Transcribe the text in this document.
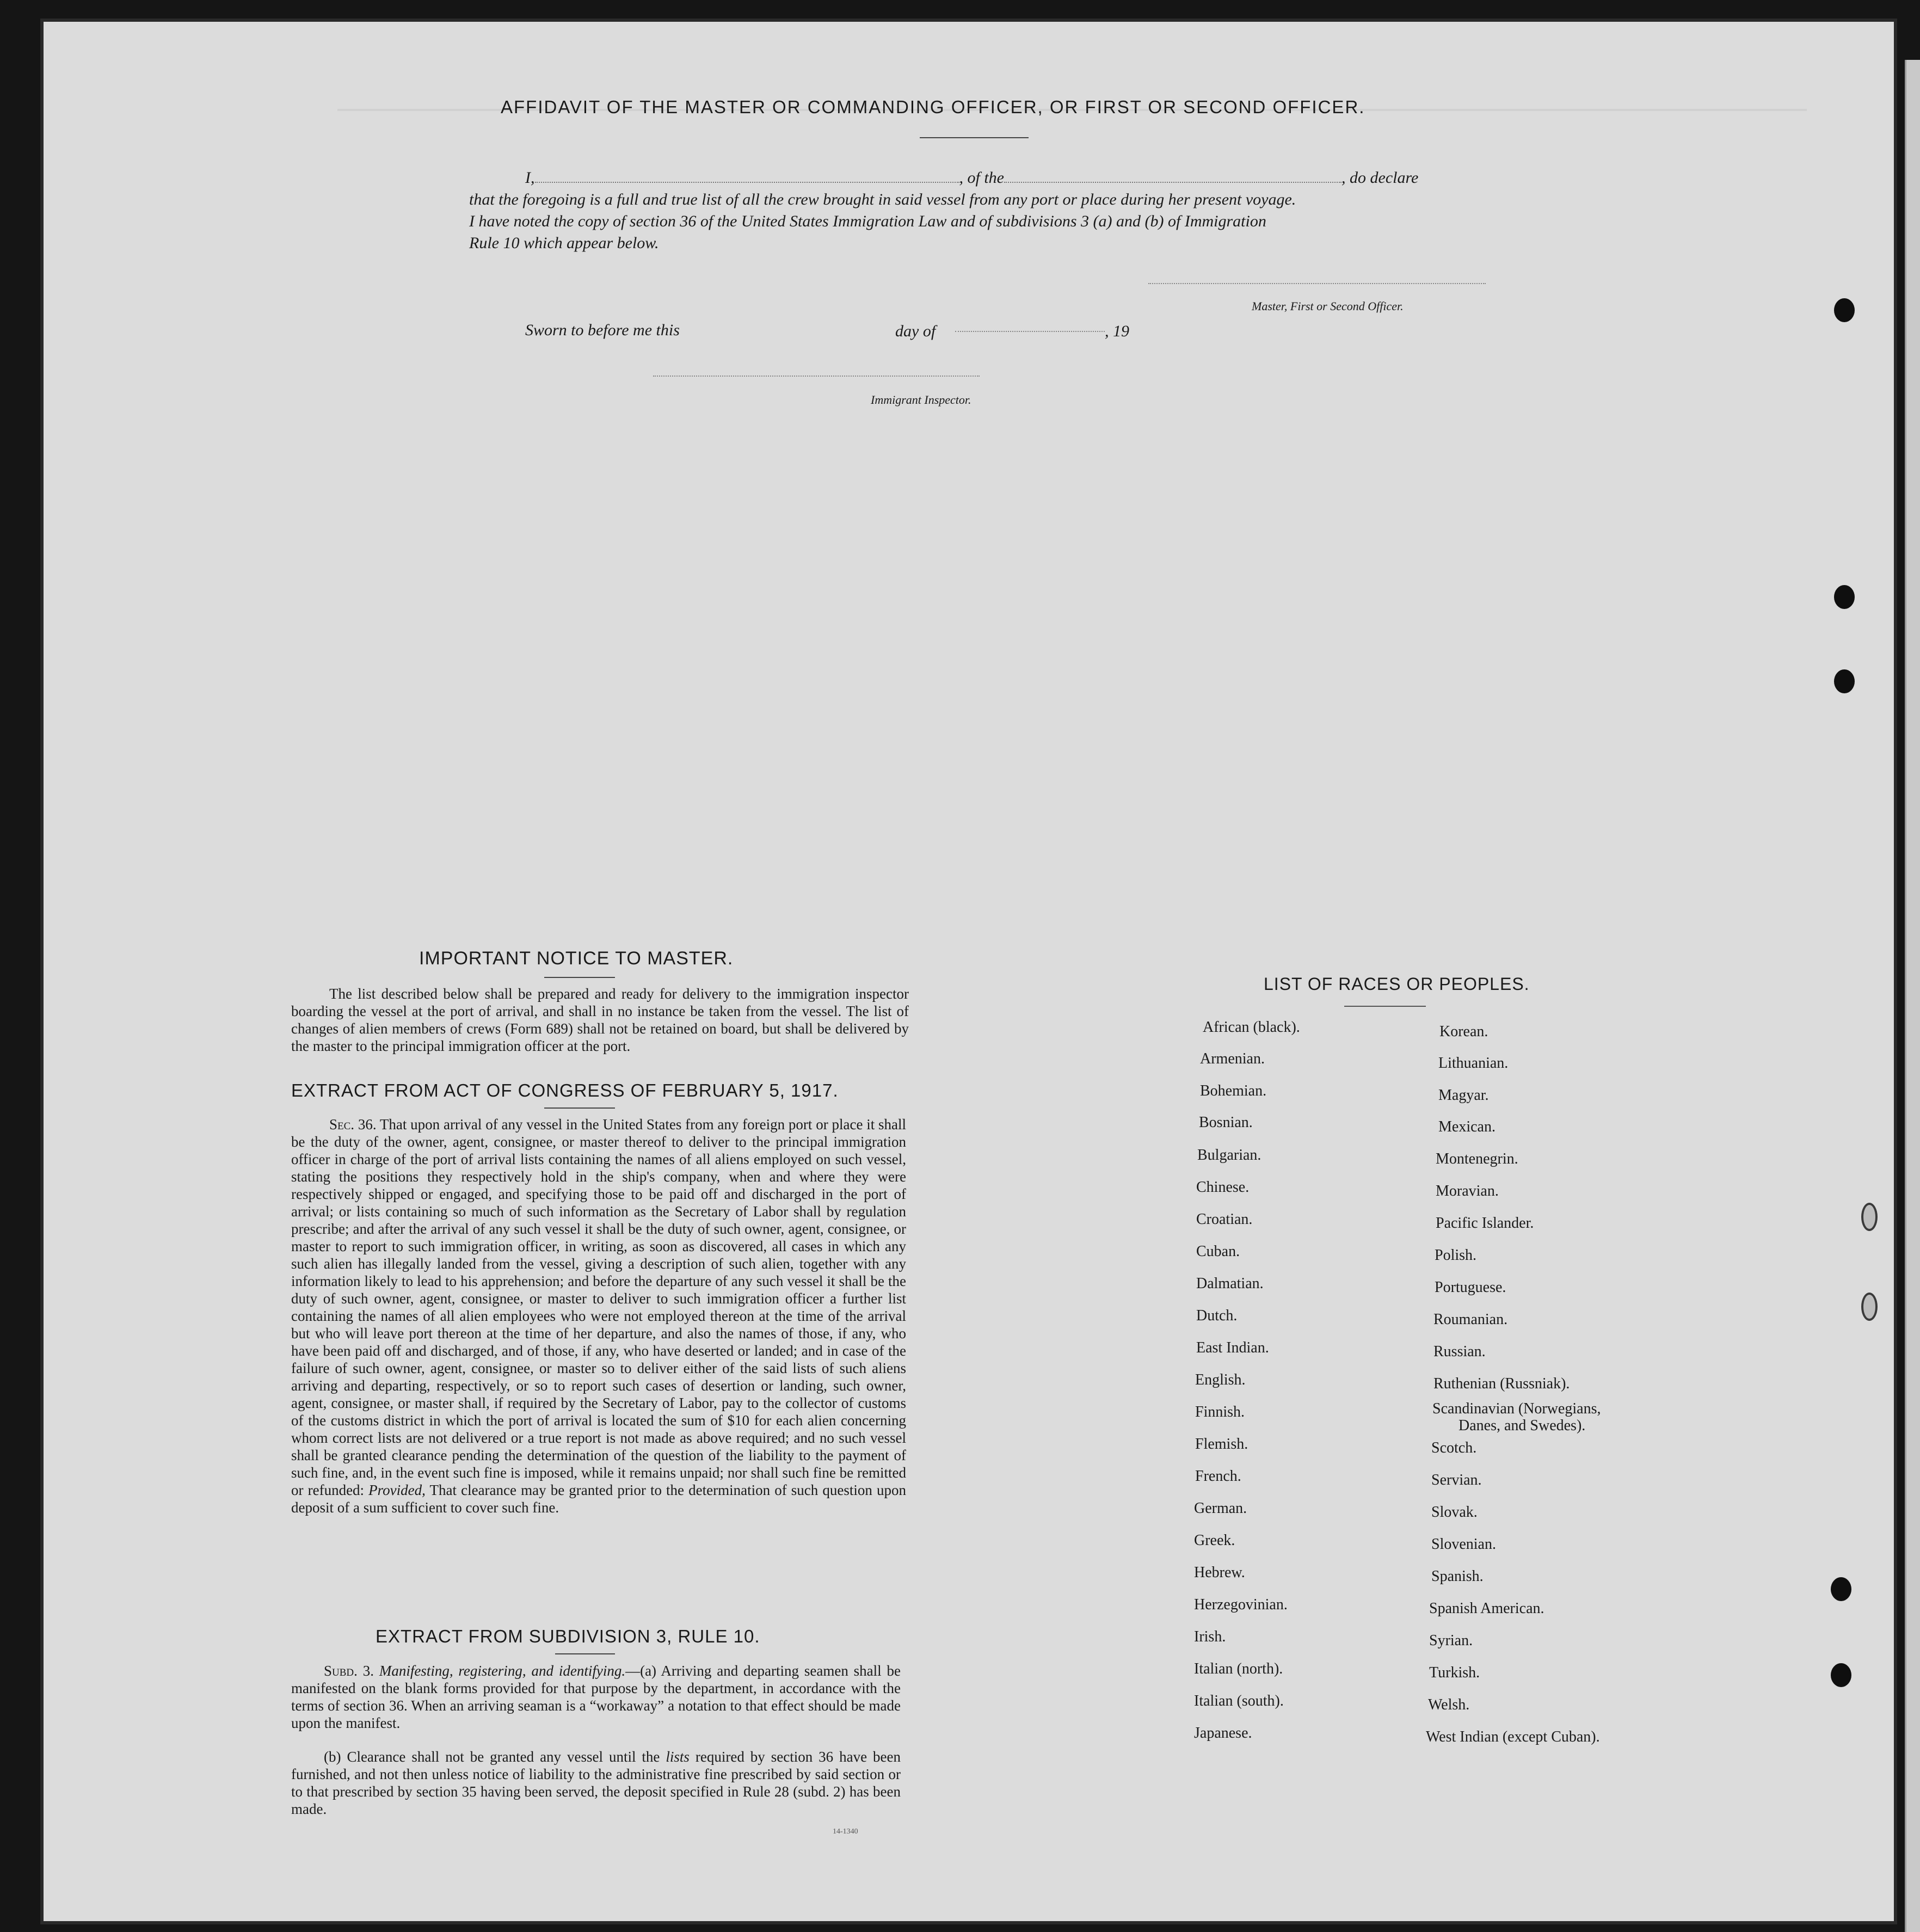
AFFIDAVIT OF THE MASTER OR COMMANDING OFFICER, OR FIRST OR SECOND OFFICER.
I,	, of the	, do declare
that the foregoing is a full and true list of all the crew brought in said vessel from any port or place during her present voyage.
I have noted the copy of section 36 of the United States Immigration Law and of subdivisions 3 (a) and (b) of Immigration
Rule 10 which appear below.
Master, First or Second Officer.
Sworn to before me this	day of	, 19
Immigrant Inspector.
IMPORTANT NOTICE TO MASTER.
The list described below shall be prepared and ready for delivery to the immigration inspector boarding the vessel at the port of arrival, and shall in no instance be taken from the vessel. The list of changes of alien members of crews (Form 689) shall not be retained on board, but shall be delivered by the master to the principal immigration officer at the port.
EXTRACT FROM ACT OF CONGRESS OF FEBRUARY 5, 1917.
Sec. 36. That upon arrival of any vessel in the United States from any foreign port or place it shall be the duty of the owner, agent, consignee, or master thereof to deliver to the principal immigration officer in charge of the port of arrival lists containing the names of all aliens employed on such vessel, stating the positions they respectively hold in the ship's company, when and where they were respectively shipped or engaged, and specifying those to be paid off and discharged in the port of arrival; or lists containing so much of such information as the Secretary of Labor shall by regulation prescribe; and after the arrival of any such vessel it shall be the duty of such owner, agent, consignee, or master to report to such immigration officer, in writing, as soon as discovered, all cases in which any such alien has illegally landed from the vessel, giving a description of such alien, together with any information likely to lead to his apprehension; and before the departure of any such vessel it shall be the duty of such owner, agent, consignee, or master to deliver to such immigration officer a further list containing the names of all alien employees who were not employed thereon at the time of the arrival but who will leave port thereon at the time of her departure, and also the names of those, if any, who have been paid off and discharged, and of those, if any, who have deserted or landed; and in case of the failure of such owner, agent, consignee, or master so to deliver either of the said lists of such aliens arriving and departing, respectively, or so to report such cases of desertion or landing, such owner, agent, consignee, or master shall, if required by the Secretary of Labor, pay to the collector of customs of the customs district in which the port of arrival is located the sum of $10 for each alien concerning whom correct lists are not delivered or a true report is not made as above required; and no such vessel shall be granted clearance pending the determination of the question of the liability to the payment of such fine, and, in the event such fine is imposed, while it remains unpaid; nor shall such fine be remitted or refunded: Provided, That clearance may be granted prior to the determination of such question upon deposit of a sum sufficient to cover such fine.
EXTRACT FROM SUBDIVISION 3, RULE 10.
Subd. 3. Manifesting, registering, and identifying.—(a) Arriving and departing seamen shall be manifested on the blank forms provided for that purpose by the department, in accordance with the terms of section 36. When an arriving seaman is a “workaway” a notation to that effect should be made upon the manifest.
(b) Clearance shall not be granted any vessel until the lists required by section 36 have been furnished, and not then unless notice of liability to the administrative fine prescribed by said section or to that prescribed by section 35 having been served, the deposit specified in Rule 28 (subd. 2) has been made.
14-1340
LIST OF RACES OR PEOPLES.
African (black).
Armenian.
Bohemian.
Bosnian.
Bulgarian.
Chinese.
Croatian.
Cuban.
Dalmatian.
Dutch.
East Indian.
English.
Finnish.
Flemish.
French.
German.
Greek.
Hebrew.
Herzegovinian.
Irish.
Italian (north).
Italian (south).
Japanese.
Korean.
Lithuanian.
Magyar.
Mexican.
Montenegrin.
Moravian.
Pacific Islander.
Polish.
Portuguese.
Roumanian.
Russian.
Ruthenian (Russniak).
Scandinavian (Norwegians,
Danes, and Swedes).
Scotch.
Servian.
Slovak.
Slovenian.
Spanish.
Spanish American.
Syrian.
Turkish.
Welsh.
West Indian (except Cuban).
